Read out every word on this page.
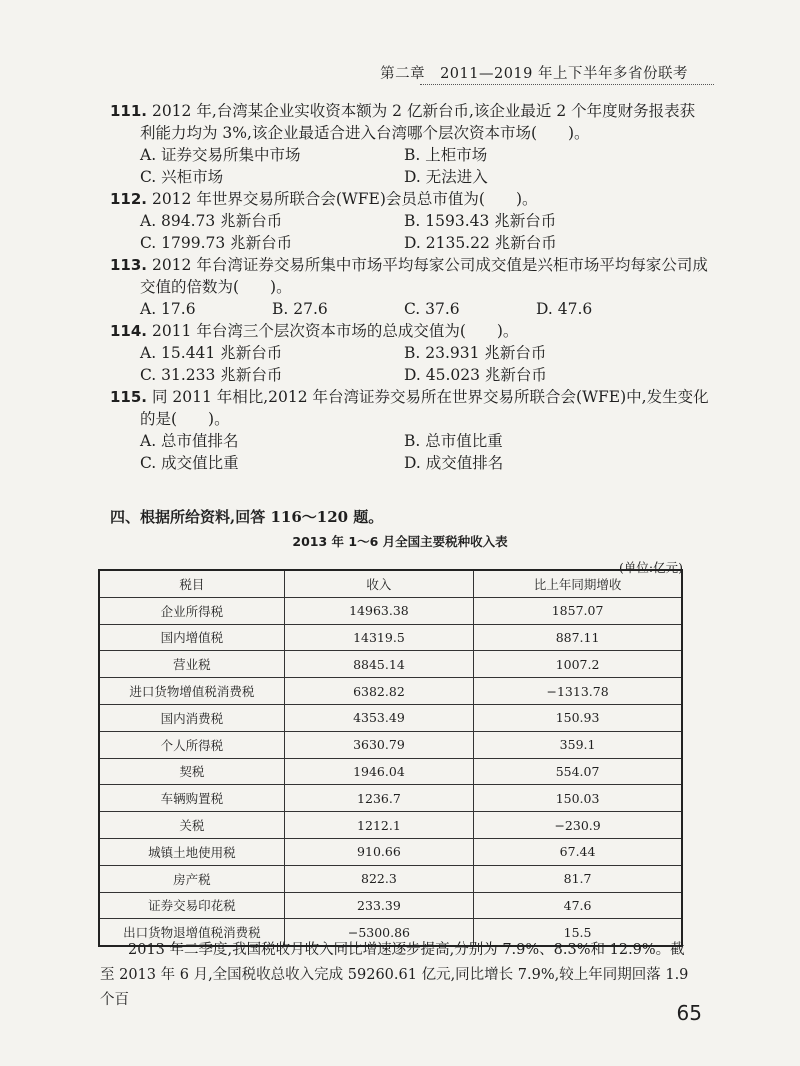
第二章　2011—2019 年上下半年多省份联考
111. 2012 年,台湾某企业实收资本额为 2 亿新台币,该企业最近 2 个年度财务报表获利能力均为 3%,该企业最适合进入台湾哪个层次资本市场(　　)。
A. 证券交易所集中市场	B. 上柜市场
C. 兴柜市场	D. 无法进入
112. 2012 年世界交易所联合会(WFE)会员总市值为(　　)。
A. 894.73 兆新台币	B. 1593.43 兆新台币
C. 1799.73 兆新台币	D. 2135.22 兆新台币
113. 2012 年台湾证券交易所集中市场平均每家公司成交值是兴柜市场平均每家公司成交值的倍数为(　　)。
A. 17.6	B. 27.6	C. 37.6	D. 47.6
114. 2011 年台湾三个层次资本市场的总成交值为(　　)。
A. 15.441 兆新台币	B. 23.931 兆新台币
C. 31.233 兆新台币	D. 45.023 兆新台币
115. 同 2011 年相比,2012 年台湾证券交易所在世界交易所联合会(WFE)中,发生变化的是(　　)。
A. 总市值排名	B. 总市值比重
C. 成交值比重	D. 成交值排名
四、根据所给资料,回答 116～120 题。
2013 年 1～6 月全国主要税种收入表
(单位:亿元)
税目	收入	比上年同期增收
企业所得税	14963.38	1857.07
国内增值税	14319.5	887.11
营业税	8845.14	1007.2
进口货物增值税消费税	6382.82	−1313.78
国内消费税	4353.49	150.93
个人所得税	3630.79	359.1
契税	1946.04	554.07
车辆购置税	1236.7	150.03
关税	1212.1	−230.9
城镇土地使用税	910.66	67.44
房产税	822.3	81.7
证券交易印花税	233.39	47.6
出口货物退增值税消费税	−5300.86	15.5
2013 年二季度,我国税收月收入同比增速逐步提高,分别为 7.9%、8.3%和 12.9%。截至 2013 年 6 月,全国税收总收入完成 59260.61 亿元,同比增长 7.9%,较上年同期回落 1.9 个百
65
